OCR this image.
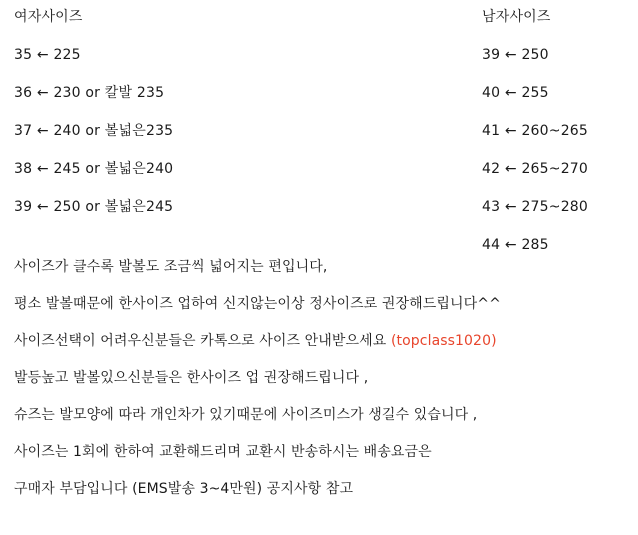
여자사이즈
35 ← 225
36 ← 230 or 칼발 235
37 ← 240 or 볼넓은235
38 ← 245 or 볼넓은240
39 ← 250 or 볼넓은245
남자사이즈
39 ← 250
40 ← 255
41 ← 260~265
42 ← 265~270
43 ← 275~280
44 ← 285
사이즈가 클수록 발볼도 조금씩 넓어지는 편입니다,
평소 발볼때문에 한사이즈 업하여 신지않는이상 정사이즈로 권장해드립니다^^
사이즈선택이 어려우신분들은 카톡으로 사이즈 안내받으세요 (topclass1020)
발등높고 발볼있으신분들은 한사이즈 업 권장해드립니다 ,
슈즈는 발모양에 따라 개인차가 있기때문에 사이즈미스가 생길수 있습니다 ,
사이즈는 1회에 한하여 교환해드리며 교환시 반송하시는 배송요금은
구매자 부담입니다 (EMS발송 3~4만원) 공지사항 참고
